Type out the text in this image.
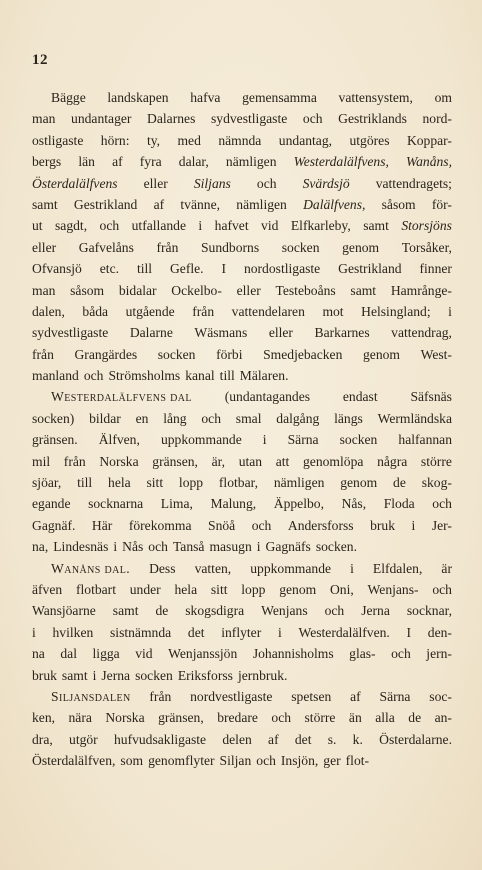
12
Bägge landskapen hafva gemensamma vattensystem, om
man undantager Dalarnes sydvestligaste och Gestriklands nord-
ostligaste hörn: ty, med nämnda undantag, utgöres Koppar-
bergs län af fyra dalar, nämligen Westerdalälfvens, Wanåns,
Österdalälfvens eller Siljans och Svärdsjö vattendragets;
samt Gestrikland af tvänne, nämligen Dalälfvens, såsom för-
ut sagdt, och utfallande i hafvet vid Elfkarleby, samt Storsjöns
eller Gafvelåns från Sundborns socken genom Torsåker,
Ofvansjö etc. till Gefle. I nordostligaste Gestrikland finner
man såsom bidalar Ockelbo- eller Testeboåns samt Hamrånge-
dalen, båda utgående från vattendelaren mot Helsingland; i
sydvestligaste Dalarne Wäsmans eller Barkarnes vattendrag,
från Grangärdes socken förbi Smedjebacken genom West-
manland och Strömsholms kanal till Mälaren.
Westerdalälfvens dal (undantagandes endast Säfsnäs
socken) bildar en lång och smal dalgång längs Wermländska
gränsen. Älfven, uppkommande i Särna socken halfannan
mil från Norska gränsen, är, utan att genomlöpa några större
sjöar, till hela sitt lopp flotbar, nämligen genom de skog-
egande socknarna Lima, Malung, Äppelbo, Nås, Floda och
Gagnäf. Här förekomma Snöå och Andersforss bruk i Jer-
na, Lindesnäs i Nås och Tanså masugn i Gagnäfs socken.
Wanåns dal. Dess vatten, uppkommande i Elfdalen, är
äfven flotbart under hela sitt lopp genom Oni, Wenjans- och
Wansjöarne samt de skogsdigra Wenjans och Jerna socknar,
i hvilken sistnämnda det inflyter i Westerdalälfven. I den-
na dal ligga vid Wenjanssjön Johannisholms glas- och jern-
bruk samt i Jerna socken Eriksforss jernbruk.
Siljansdalen från nordvestligaste spetsen af Särna soc-
ken, nära Norska gränsen, bredare och större än alla de an-
dra, utgör hufvudsakligaste delen af det s. k. Österdalarne.
Österdalälfven, som genomflyter Siljan och Insjön, ger flot-
